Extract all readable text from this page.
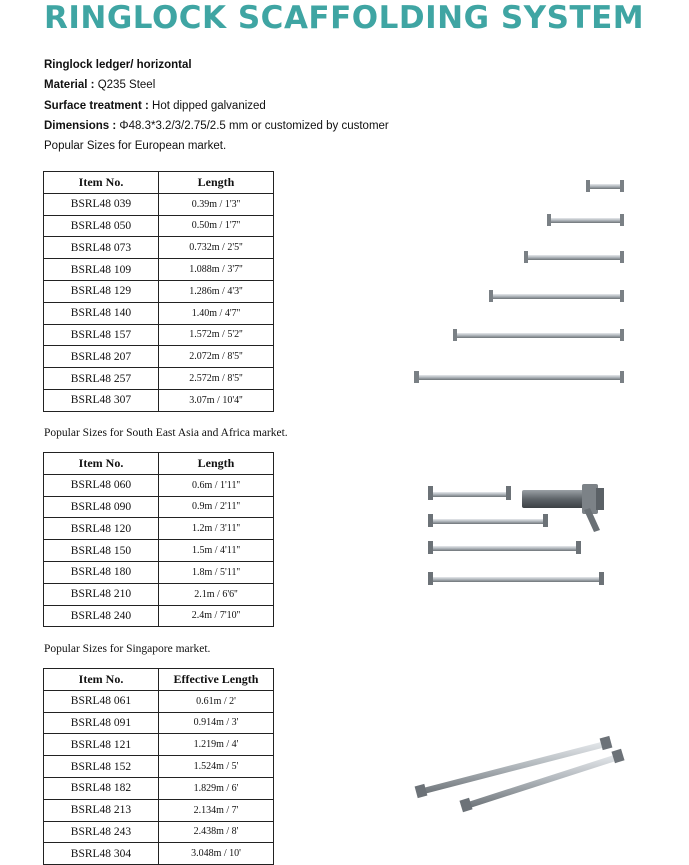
RINGLOCK SCAFFOLDING SYSTEM
Ringlock ledger/ horizontal
Material : Q235 Steel
Surface treatment : Hot dipped galvanized
Dimensions : Φ48.3*3.2/3/2.75/2.5 mm or customized by customer
Popular Sizes for European market.
Item No.	Length
BSRL48 039	0.39m / 1'3''
BSRL48 050	0.50m / 1'7''
BSRL48 073	0.732m / 2'5''
BSRL48 109	1.088m / 3'7''
BSRL48 129	1.286m / 4'3''
BSRL48 140	1.40m / 4'7''
BSRL48 157	1.572m / 5'2''
BSRL48 207	2.072m / 8'5''
BSRL48 257	2.572m / 8'5''
BSRL48 307	3.07m / 10'4''
Popular Sizes for South East Asia and Africa market.
Item No.	Length
BSRL48 060	0.6m / 1'11''
BSRL48 090	0.9m / 2'11''
BSRL48 120	1.2m / 3'11''
BSRL48 150	1.5m / 4'11''
BSRL48 180	1.8m / 5'11''
BSRL48 210	2.1m / 6'6''
BSRL48 240	2.4m / 7'10''
Popular Sizes for Singapore market.
Item No.	Effective Length
BSRL48 061	0.61m / 2'
BSRL48 091	0.914m / 3'
BSRL48 121	1.219m / 4'
BSRL48 152	1.524m / 5'
BSRL48 182	1.829m / 6'
BSRL48 213	2.134m / 7'
BSRL48 243	2.438m / 8'
BSRL48 304	3.048m / 10'
